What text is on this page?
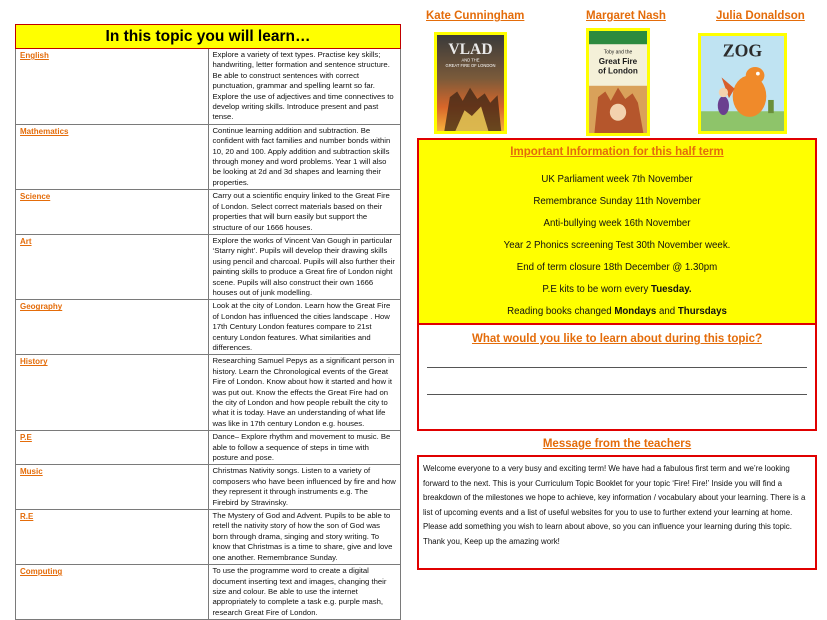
In this topic you will learn…	
English	Explore a variety of text types. Practise key skills; handwriting, letter formation and sentence structure. Be able to construct sentences with correct punctuation, grammar and spelling learnt so far. Explore the use of adjectives and time connectives to develop writing skills. Introduce present and past tense.
Mathematics	Continue learning addition and subtraction. Be confident with fact families and number bonds within 10, 20 and 100. Apply addition and subtraction skills through money and word problems. Year 1 will also be looking at 2d and 3d shapes and learning their properties.
Science	Carry out a scientific enquiry linked to the Great Fire of London. Select correct materials based on their properties that will burn easily but support the structure of our 1666 houses.
Art	Explore the works of Vincent Van Gough in particular ‘Starry night’. Pupils will develop their drawing skills using pencil and charcoal. Pupils will also further their painting skills to produce a Great fire of London night scene. Pupils will also construct their own 1666 houses out of junk modelling.
Geography	Look at the city of London. Learn how the Great Fire of London has influenced the cities landscape . How 17th Century London features compare to 21st century London features. What similarities and differences.
History	Researching Samuel Pepys as a significant person in history. Learn the Chronological events of the Great Fire of London. Know about how it started and how it was put out. Know the effects the Great Fire had on the city of London and how people rebuilt the city to what it is today. Have an understanding of what life was like in 17th century London e.g. houses.
P.E	Dance– Explore rhythm and movement to music. Be able to follow a sequence of steps in time with posture and pose.
Music	Christmas Nativity songs. Listen to a variety of composers who have been influenced by fire and how they represent it through instruments e.g. The Firebird by Stravinsky.
R.E	The Mystery of God and Advent. Pupils to be able to retell the nativity story of how the son of God was born through drama, singing and story writing. To know that Christmas is a time to share, give and love one another. Remembrance Sunday.
Computing	To use the programme word to create a digital document inserting text and images, changing their size and colour. Be able to use the internet appropriately to complete a task e.g. purple mash, research Great Fire of London.
Kate Cunningham	Margaret Nash	Julia Donaldson
VLAD
AND THE
GREAT FIRE OF LONDON
Toby and the
Great Fire
of London
ZOG
Important Information for this half term
UK Parliament week 7th November
Remembrance Sunday 11th November
Anti-bullying week 16th November
Year 2 Phonics screening Test 30th November week.
End of term closure 18th December @ 1.30pm
P.E kits to be worn every Tuesday.
Reading books changed Mondays and Thursdays
What would you like to learn about during this topic?
Message from the teachers
Welcome everyone to a very busy and exciting term! We have had a fabulous first term and we’re looking forward to the next. This is your Curriculum Topic Booklet for your topic ‘Fire! Fire!’ Inside you will find a breakdown of the milestones we hope to achieve, key information / vocabulary about your learning. There is a list of upcoming events and a list of useful websites for you to use to further extend your learning at home. Please add something you wish to learn about above, so you can influence your learning during this topic. Thank you, Keep up the amazing work!
